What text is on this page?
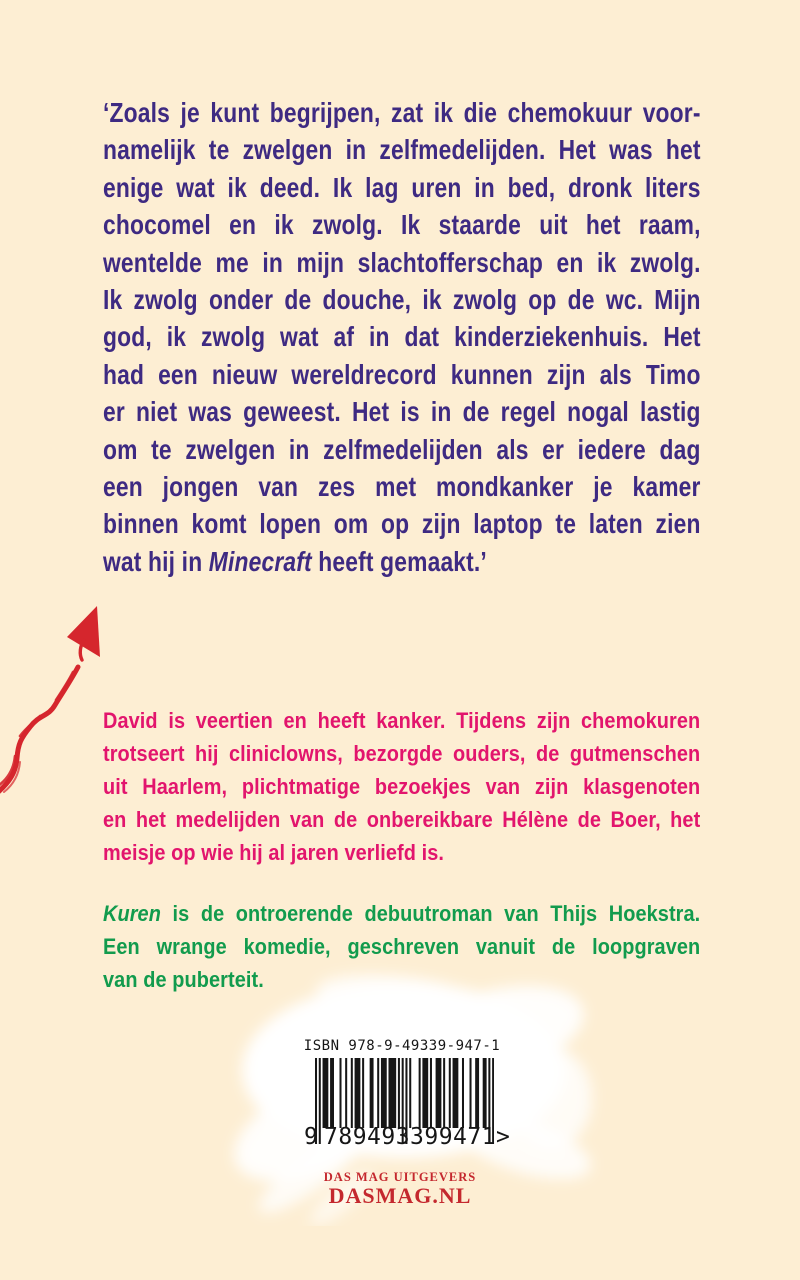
‘Zoals je kunt begrijpen, zat ik die chemokuur voor-
namelijk te zwelgen in zelfmedelijden. Het was het
enige wat ik deed. Ik lag uren in bed, dronk liters
chocomel en ik zwolg. Ik staarde uit het raam,
wentelde me in mijn slachtofferschap en ik zwolg.
Ik zwolg onder de douche, ik zwolg op de wc. Mijn
god, ik zwolg wat af in dat kinderziekenhuis. Het
had een nieuw wereldrecord kunnen zijn als Timo
er niet was geweest. Het is in de regel nogal lastig
om te zwelgen in zelfmedelijden als er iedere dag
een jongen van zes met mondkanker je kamer
binnen komt lopen om op zijn laptop te laten zien
wat hij in Minecraft heeft gemaakt.’
David is veertien en heeft kanker. Tijdens zijn chemokuren
trotseert hij cliniclowns, bezorgde ouders, de gutmenschen
uit Haarlem, plichtmatige bezoekjes van zijn klasgenoten
en het medelijden van de onbereikbare Hélène de Boer, het
meisje op wie hij al jaren verliefd is.
Kuren is de ontroerende debuutroman van Thijs Hoekstra.
Een wrange komedie, geschreven vanuit de loopgraven
van de puberteit.
ISBN 978-9-49339-947-1
9 789493 399471 >
DAS MAG UITGEVERS
DASMAG.NL
